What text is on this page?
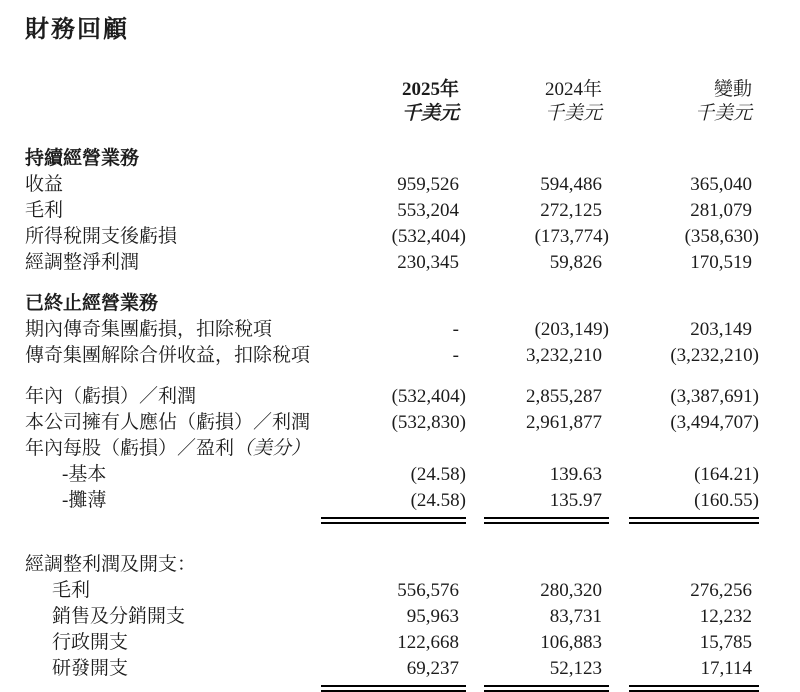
財務回顧
2025年	2024年	變動
千美元	千美元	千美元
持續經營業務
收益	959,526	594,486	365,040
毛利	553,204	272,125	281,079
所得稅開支後虧損	(532,404)	(173,774)	(358,630)
經調整淨利潤	230,345	59,826	170,519
已終止經營業務
期內傳奇集團虧損，扣除稅項	-	(203,149)	203,149
傳奇集團解除合併收益，扣除稅項	-	3,232,210	(3,232,210)
年內（虧損）／利潤	(532,404)	2,855,287	(3,387,691)
本公司擁有人應佔（虧損）／利潤	(532,830)	2,961,877	(3,494,707)
年內每股（虧損）／盈利（美分）
-基本	(24.58)	139.63	(164.21)
-攤薄	(24.58)	135.97	(160.55)
經調整利潤及開支：
毛利	556,576	280,320	276,256
銷售及分銷開支	95,963	83,731	12,232
行政開支	122,668	106,883	15,785
研發開支	69,237	52,123	17,114
